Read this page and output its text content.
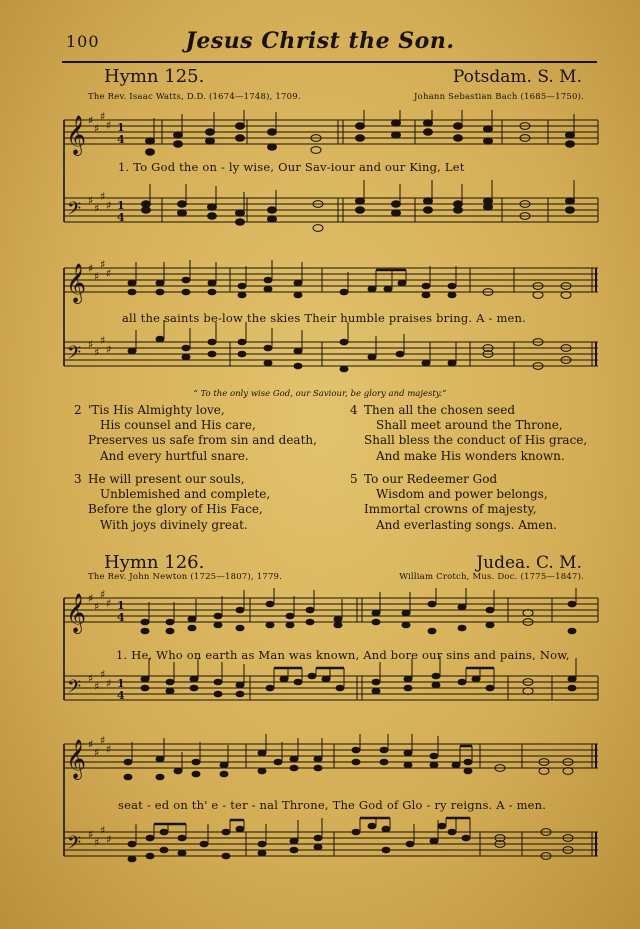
100	Jesus Christ the Son.
Hymn 125.	Potsdam. S. M.
The Rev. Isaac Watts, D.D. (1674—1748), 1709.	Johann Sebastian Bach (1685—1750).
𝄞
𝄢
♯
♯
♯
♯
♯
♯
♯
♯
1
4
1
4
1. To God the on - ly wise, Our Sav-iour and our King, Let
𝄞
𝄢
♯
♯
♯
♯
♯
♯
♯
♯
all the saints be-low the skies Their humble praises bring. A - men.
“ To the only wise God, our Saviour, be glory and majesty.”
2 'Tis His Almighty love,
His counsel and His care,
Preserves us safe from sin and death,
And every hurtful snare.
3 He will present our souls,
Unblemished and complete,
Before the glory of His Face,
With joys divinely great.
4 Then all the chosen seed
Shall meet around the Throne,
Shall bless the conduct of His grace,
And make His wonders known.
5 To our Redeemer God
Wisdom and power belongs,
Immortal crowns of majesty,
And everlasting songs. Amen.
Hymn 126.	Judea. C. M.
The Rev. John Newton (1725—1807), 1779.	William Crotch, Mus. Doc. (1775—1847).
𝄞
𝄢
♯
♯
♯
♯
♯
♯
♯
♯
1
4
1
4
1. He, Who on earth as Man was known, And bore our sins and pains, Now,
𝄞
𝄢
♯
♯
♯
♯
♯
♯
♯
♯
seat - ed on th' e - ter - nal Throne, The God of Glo - ry reigns. A - men.
